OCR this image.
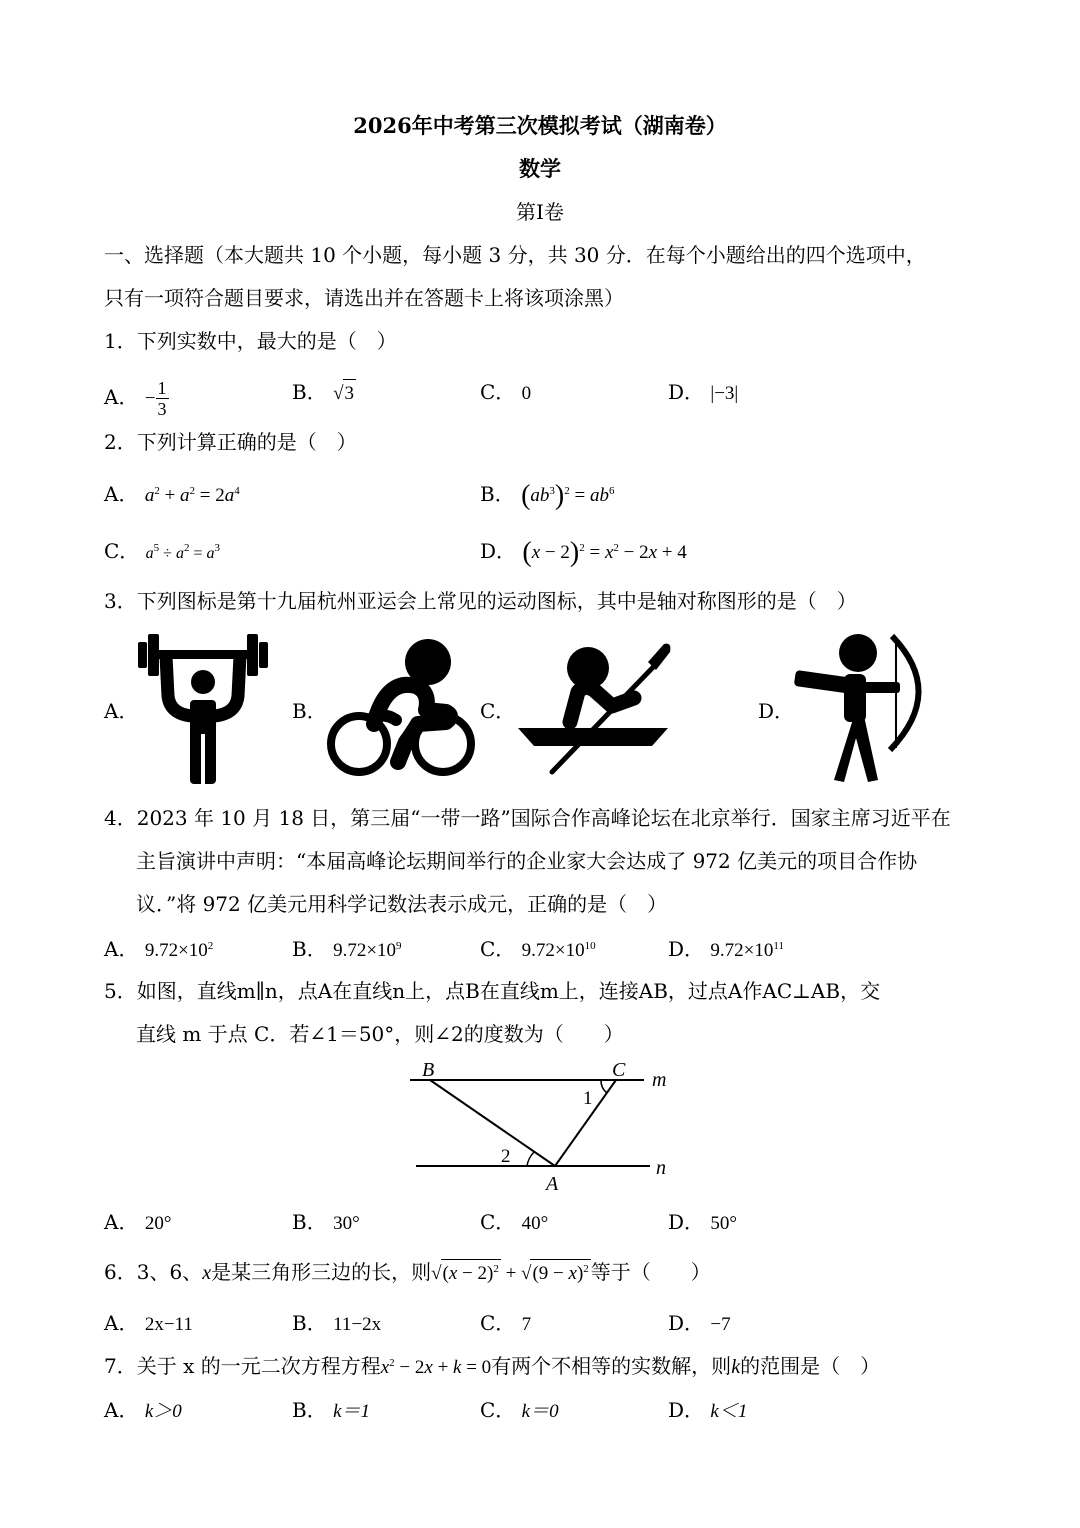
2026年中考第三次模拟考试（湖南卷）
数学
第Ⅰ卷
一、选择题（本大题共 10 个小题，每小题 3 分，共 30 分．在每个小题给出的四个选项中，
只有一项符合题目要求，请选出并在答题卡上将该项涂黑）
1．下列实数中，最大的是（　）
A． − $\frac{1}{3}$	B． √3	C． 0	D． |−3|
2．下列计算正确的是（　）
A． $a^2 + a^2 = 2a^4$	B． $(ab^3)^2 = ab^6$
C． $a^5 \div a^2 = a^3$	D． $(x - 2)^2 = x^2 - 2x + 4$
3．下列图标是第十九届杭州亚运会上常见的运动图标，其中是轴对称图形的是（　）
A．	B．	C．	D．
4．2023 年 10 月 18 日，第三届“一带一路”国际合作高峰论坛在北京举行．国家主席习近平在
主旨演讲中声明：“本届高峰论坛期间举行的企业家大会达成了 972 亿美元的项目合作协
议．”将 972 亿美元用科学记数法表示成元，正确的是（　）
A． $9.72\times 10^2$	B． $9.72\times 10^9$	C． $9.72\times 10^{10}$	D． $9.72\times 10^{11}$
5．如图，直线m∥n，点A在直线n上，点B在直线m上，连接AB，过点A作AC⊥AB，交
直线 m 于点 C．若∠1＝50°，则∠2的度数为（　　）
B	C m
1
2
n
A
A． 20°	B． 30°	C． 40°	D． 50°
6．3、6、x是某三角形三边的长，则$√(x - 2)^2 + √(9 - x)^2$ 等于（　　）
A． 2x−11	B． 11−2x	C． 7	D． −7
7．关于 x 的一元二次方程方程$x^2 - 2x + k = 0$有两个不相等的实数解，则k的范围是（　）
A． k＞0	B． k＝1	C． k＝0	D． k＜1
